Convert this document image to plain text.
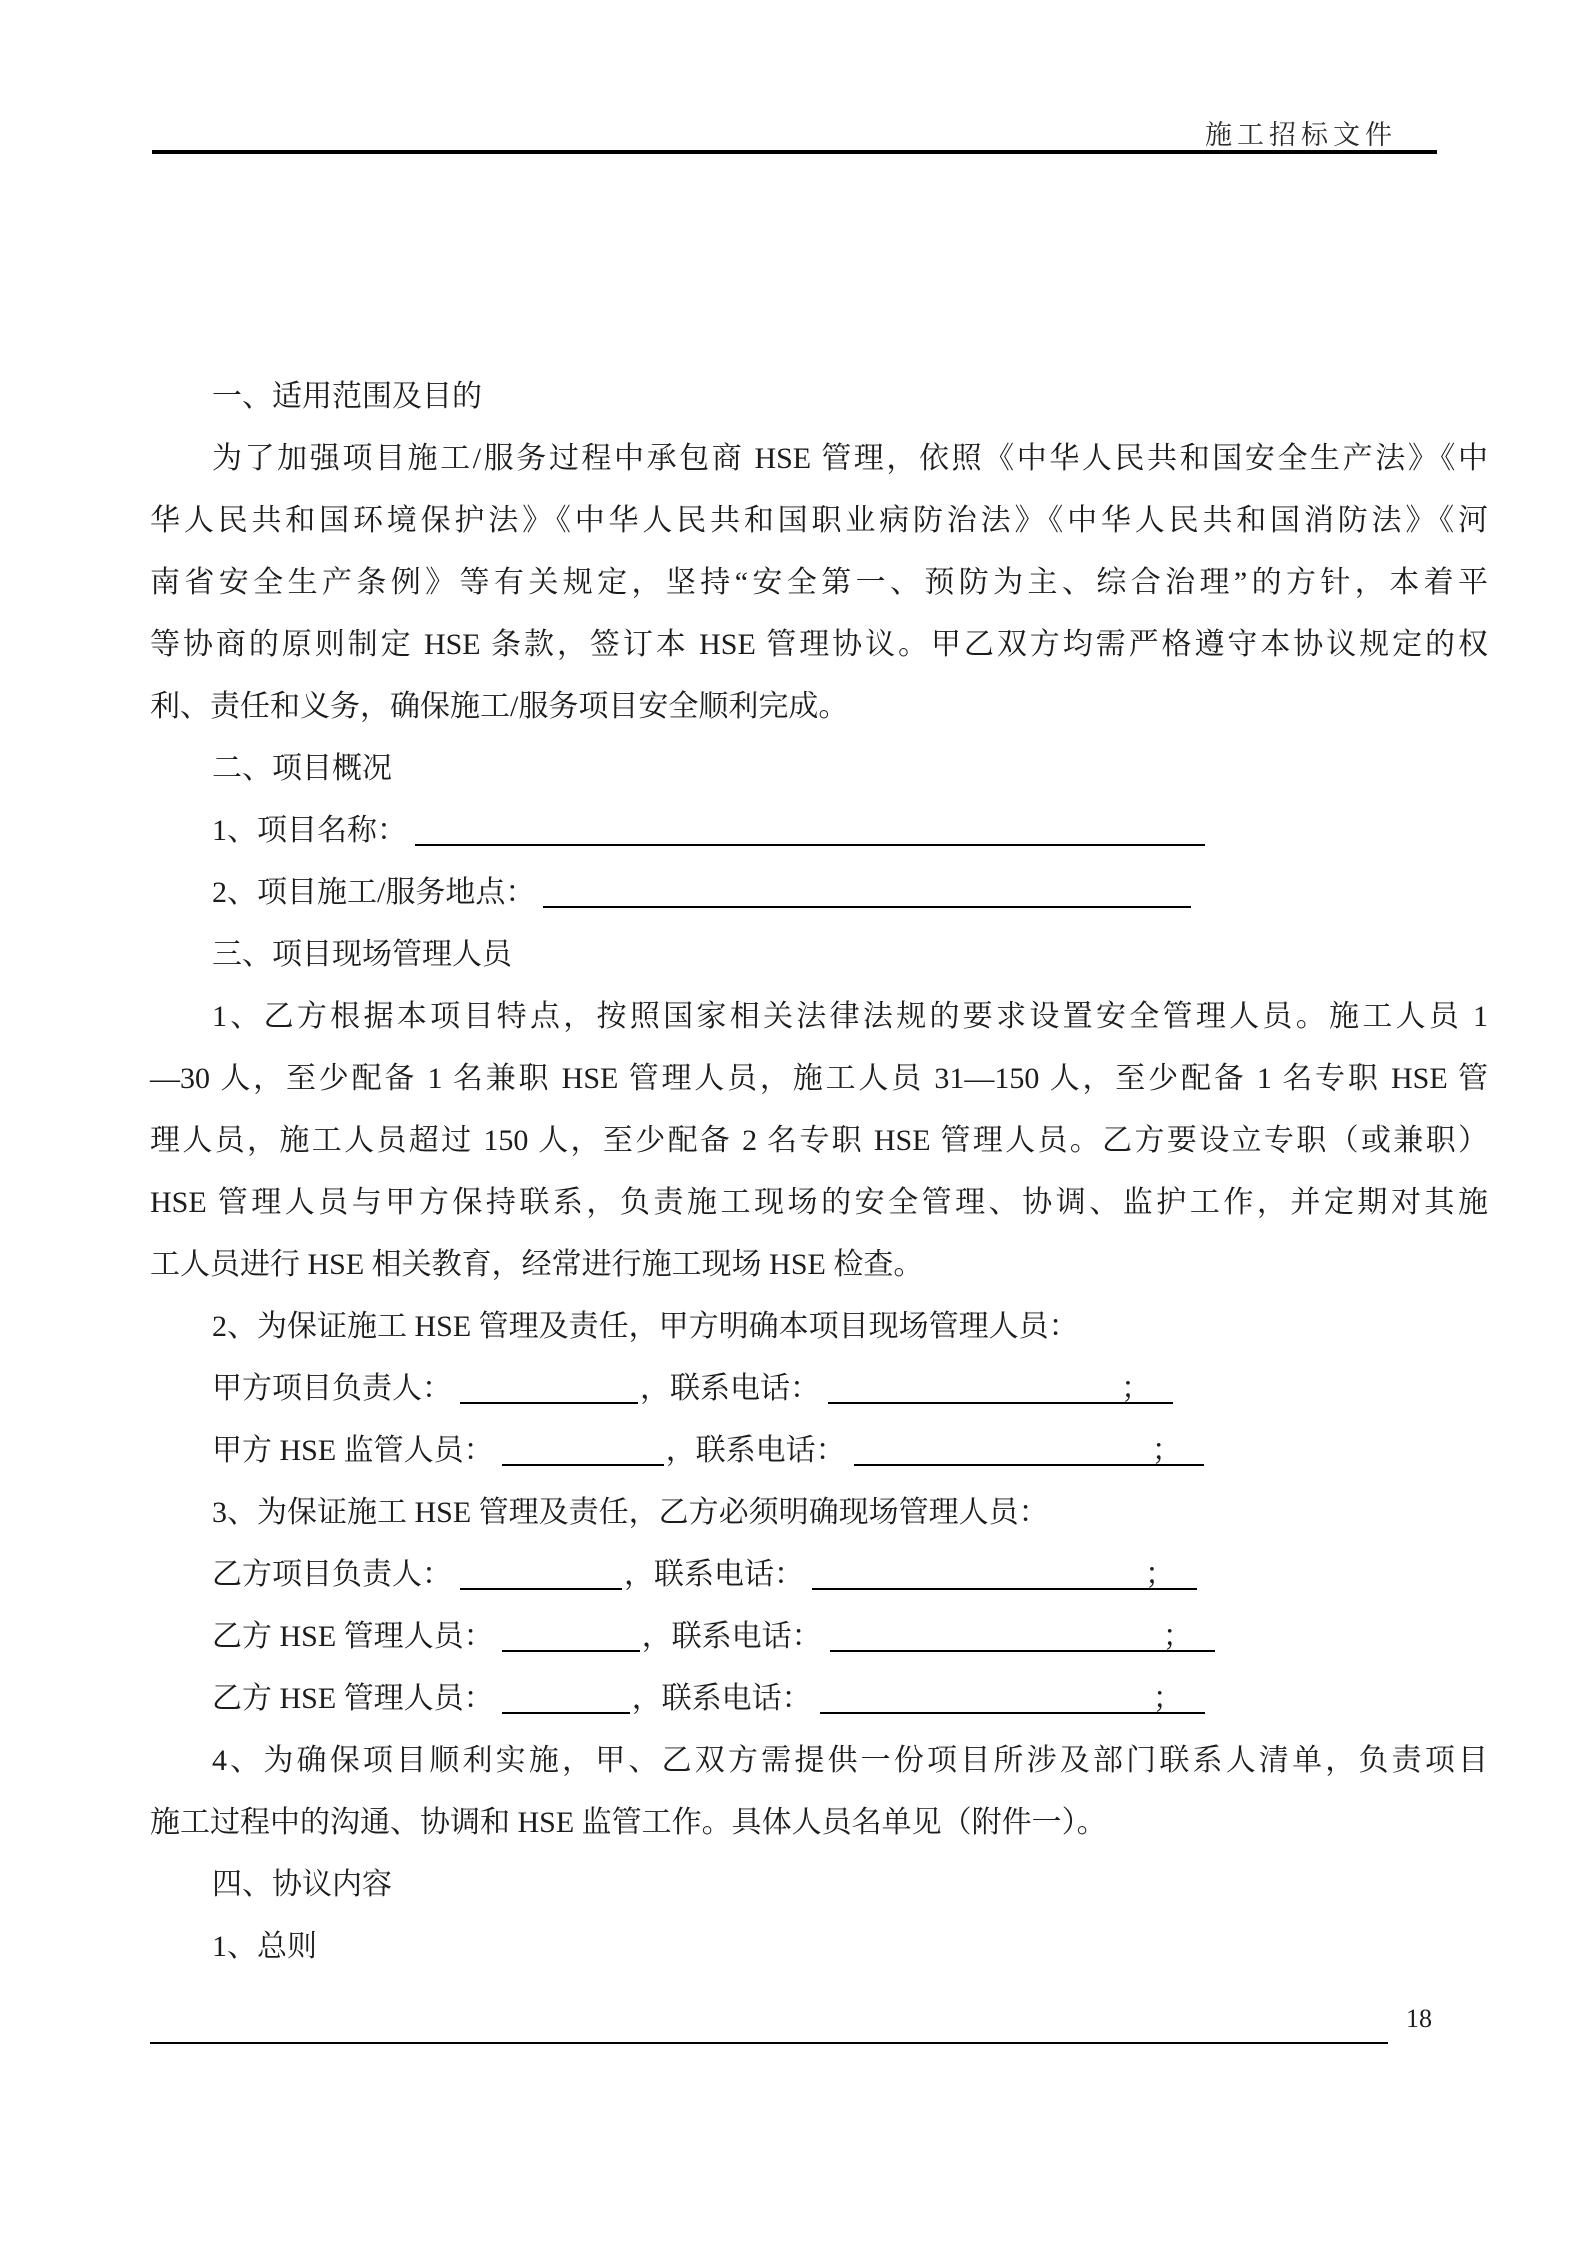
施工招标文件
一、适用范围及目的
为了加强项目施工/服务过程中承包商 HSE 管理，依照《中华人民共和国安全生产法》《中
华人民共和国环境保护法》《中华人民共和国职业病防治法》《中华人民共和国消防法》《河
南省安全生产条例》等有关规定，坚持“安全第一、预防为主、综合治理”的方针，本着平
等协商的原则制定 HSE 条款，签订本 HSE 管理协议。甲乙双方均需严格遵守本协议规定的权
利、责任和义务，确保施工/服务项目安全顺利完成。
二、项目概况
1、项目名称：
2、项目施工/服务地点：
三、项目现场管理人员
1、乙方根据本项目特点，按照国家相关法律法规的要求设置安全管理人员。施工人员 1
—30 人，至少配备 1 名兼职 HSE 管理人员，施工人员 31—150 人，至少配备 1 名专职 HSE 管
理人员，施工人员超过 150 人，至少配备 2 名专职 HSE 管理人员。乙方要设立专职（或兼职）
HSE 管理人员与甲方保持联系，负责施工现场的安全管理、协调、监护工作，并定期对其施
工人员进行 HSE 相关教育，经常进行施工现场 HSE 检查。
2、为保证施工 HSE 管理及责任，甲方明确本项目现场管理人员：
甲方项目负责人：	，联系电话：	；
甲方 HSE 监管人员：	，联系电话：	；
3、为保证施工 HSE 管理及责任，乙方必须明确现场管理人员：
乙方项目负责人：	，联系电话：	；
乙方 HSE 管理人员：	，联系电话：	；
乙方 HSE 管理人员：	，联系电话：	；
4、为确保项目顺利实施，甲、乙双方需提供一份项目所涉及部门联系人清单，负责项目
施工过程中的沟通、协调和 HSE 监管工作。具体人员名单见（附件一）。
四、协议内容
1、总则
18
